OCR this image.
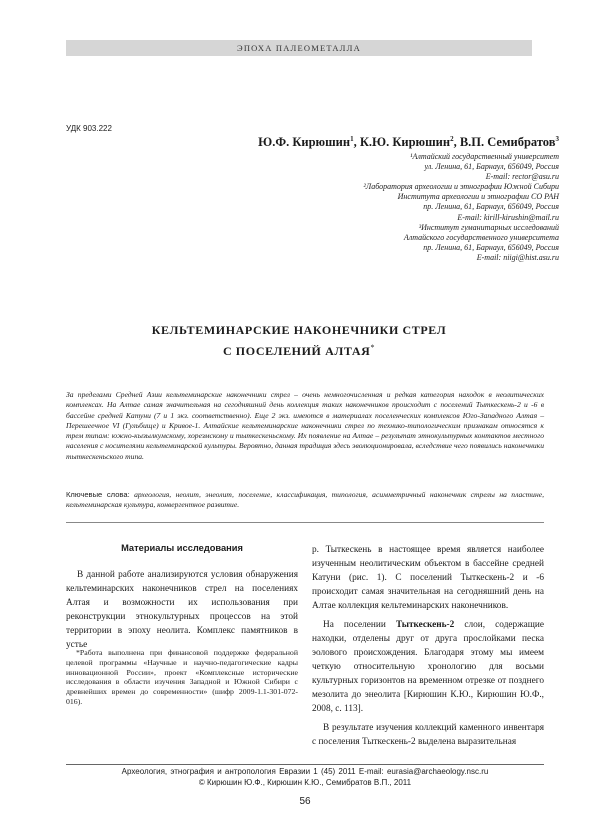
ЭПОХА ПАЛЕОМЕТАЛЛА
УДК 903.222
Ю.Ф. Кирюшин$^1$, К.Ю. Кирюшин$^2$, В.П. Семибратов$^3$
¹Алтайский государственный университет
ул. Ленина, 61, Барнаул, 656049, Россия
E-mail: rector@asu.ru
²Лаборатория археологии и этнографии Южной Сибири
Института археологии и этнографии СО РАН
пр. Ленина, 61, Барнаул, 656049, Россия
E-mail: kirill-kirushin@mail.ru
³Институт гуманитарных исследований
Алтайского государственного университета
пр. Ленина, 61, Барнаул, 656049, Россия
E-mail: niigi@hist.asu.ru
КЕЛЬТЕМИНАРСКИЕ НАКОНЕЧНИКИ СТРЕЛ
С ПОСЕЛЕНИЙ АЛТАЯ*
За пределами Средней Азии кельтеминарские наконечники стрел – очень немногочисленная и редкая категория находок в неолитических комплексах. На Алтае самая значительная на сегодняшний день коллекция таких наконечников происходит с поселений Тыткескень-2 и -6 в бассейне средней Катуни (7 и 1 экз. соответственно). Еще 2 экз. имеются в материалах поселенческих комплексов Юго-Западного Алтая – Перешеечное VI (Гульбище) и Кривое-1. Алтайские кельтеминарские наконечники стрел по технико-типологическим признакам относятся к трем типам: южно-кызылкумскому, хорезмскому и тыткескеньскому. Их появление на Алтае – результат этнокультурных контактов местного населения с носителями кельтеминарской культуры. Вероятно, данная традиция здесь эволюционировала, вследствие чего появились наконечники тыткескеньского типа.
Ключевые слова: археология, неолит, энеолит, поселение, классификация, типология, асимметричный наконечник стрелы на пластине, кельтеминарская культура, конвергентное развитие.
Материалы исследования
В данной работе анализируются условия обнаружения кельтеминарских наконечников стрел на поселениях Алтая и возможности их использования при реконструкции этнокультурных процессов на этой территории в эпоху неолита. Комплекс памятников в устье
*Работа выполнена при финансовой поддержке федеральной целевой программы «Научные и научно-педагогические кадры инновационной России», проект «Комплексные исторические исследования в области изучения Западной и Южной Сибири с древнейших времен до современности» (шифр 2009-1.1-301-072-016).

р. Тыткескень в настоящее время является наиболее изученным неолитическим объектом в бассейне средней Катуни (рис. 1). С поселений Тыткескень-2 и -6 происходит самая значительная на сегодняшний день на Алтае коллекция кельтеминарских наконечников.

На поселении Тыткескень-2 слои, содержащие находки, отделены друг от друга прослойками песка эолового происхождения. Благодаря этому мы имеем четкую относительную хронологию для восьми культурных горизонтов на временном отрезке от позднего мезолита до энеолита [Кирюшин К.Ю., Кирюшин Ю.Ф., 2008, с. 113].

В результате изучения коллекций каменного инвентаря с поселения Тыткескень-2 выделена выразительная

Археология, этнография и антропология Евразии 1 (45) 2011 E-mail: eurasia@archaeology.nsc.ru
© Кирюшин Ю.Ф., Кирюшин К.Ю., Семибратов В.П., 2011
56
